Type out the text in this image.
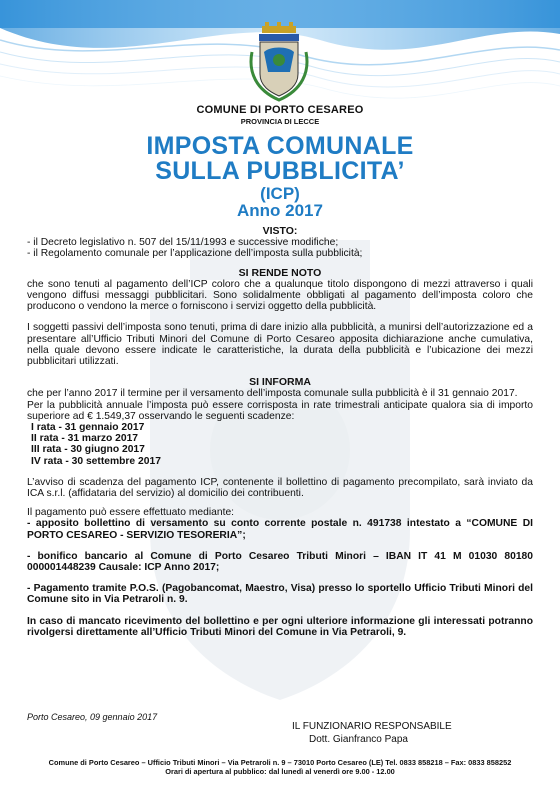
COMUNE DI PORTO CESAREO
PROVINCIA DI LECCE
IMPOSTA COMUNALE
SULLA PUBBLICITA’
(ICP)
Anno 2017
VISTO:
- il Decreto legislativo n. 507 del 15/11/1993 e successive modifiche;
- il Regolamento comunale per l’applicazione dell’imposta sulla pubblicità;
SI RENDE NOTO
che sono tenuti al pagamento dell’ICP coloro che a qualunque titolo dispongono di mezzi attraverso i quali vengono diffusi messaggi pubblicitari. Sono solidalmente obbligati al pagamento dell’imposta coloro che producono o vendono la merce o forniscono i servizi oggetto della pubblicità.
I soggetti passivi dell’imposta sono tenuti, prima di dare inizio alla pubblicità, a munirsi dell’autorizzazione ed a presentare all’Ufficio Tributi Minori del Comune di Porto Cesareo apposita dichiarazione anche cumulativa, nella quale devono essere indicate le caratteristiche, la durata della pubblicità e l’ubicazione dei mezzi pubblicitari utilizzati.
SI INFORMA
che per l’anno 2017 il termine per il versamento dell’imposta comunale sulla pubblicità è il 31 gennaio 2017.
Per la pubblicità annuale l’imposta può essere corrisposta in rate trimestrali anticipate qualora sia di importo superiore ad € 1.549,37 osservando le seguenti scadenze:
I rata - 31 gennaio 2017
II rata - 31 marzo 2017
III rata - 30 giugno 2017
IV rata - 30 settembre 2017
L’avviso di scadenza del pagamento ICP, contenente il bollettino di pagamento precompilato, sarà inviato da ICA s.r.l. (affidataria del servizio) al domicilio dei contribuenti.
Il pagamento può essere effettuato mediante:
- apposito bollettino di versamento su conto corrente postale n. 491738 intestato a “COMUNE DI PORTO CESAREO - SERVIZIO TESORERIA”;
- bonifico bancario al Comune di Porto Cesareo Tributi Minori – IBAN IT 41 M 01030 80180 000001448239 Causale: ICP Anno 2017;
- Pagamento tramite P.O.S. (Pagobancomat, Maestro, Visa) presso lo sportello Ufficio Tributi Minori del Comune sito in Via Petraroli n. 9.
In caso di mancato ricevimento del bollettino e per ogni ulteriore informazione gli interessati potranno rivolgersi direttamente all’Ufficio Tributi Minori del Comune in Via Petraroli, 9.
Porto Cesareo, 09 gennaio 2017
IL FUNZIONARIO RESPONSABILE
Dott. Gianfranco Papa
Comune di Porto Cesareo – Ufficio Tributi Minori – Via Petraroli n. 9 – 73010 Porto Cesareo (LE) Tel. 0833 858218 – Fax: 0833 858252
Orari di apertura al pubblico: dal lunedì al venerdì ore 9.00 - 12.00
